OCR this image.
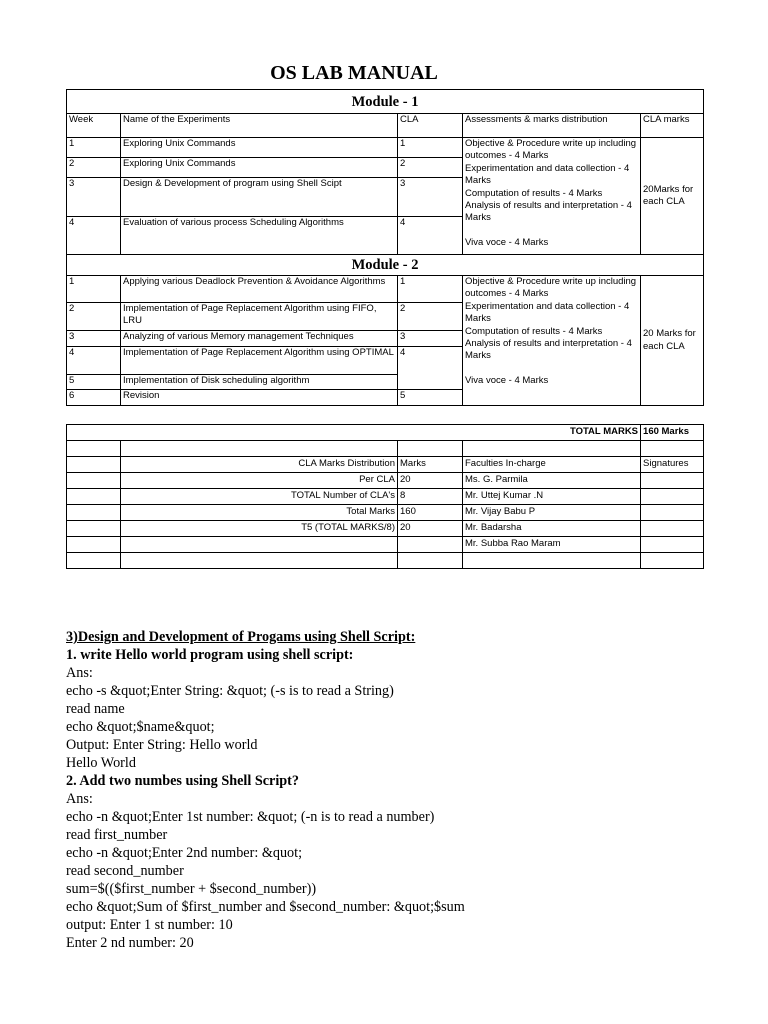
OS LAB MANUAL
Module - 1				
Week	Name of the Experiments	CLA	Assessments & marks distribution	CLA marks
1	Exploring Unix Commands	1	Objective & Procedure write up including outcomes - 4 Marks
Experimentation and data collection - 4 Marks
Computation of results - 4 Marks
Analysis of results and interpretation - 4 Marks

Viva voce - 4 Marks	20Marks for each CLA
2	Exploring Unix Commands	2		
3	Design & Development of program using Shell Scipt	3		
4	Evaluation of various process Scheduling Algorithms	4		
Module - 2				
1	Applying various Deadlock Prevention & Avoidance Algorithms	1	Objective & Procedure write up including outcomes - 4 Marks
Experimentation and data collection - 4 Marks
Computation of results - 4 Marks
Analysis of results and interpretation - 4 Marks

Viva voce - 4 Marks	20 Marks for each CLA
2	Implementation of Page Replacement Algorithm using FIFO, LRU	2		
3	Analyzing of various Memory management Techniques	3		
4	Implementation of Page Replacement Algorithm using OPTIMAL	4		
5	Implementation of Disk scheduling algorithm			
6	Revision	5		
TOTAL MARKS				160 Marks

	CLA Marks Distribution	Marks	Faculties In-charge	Signatures
	Per CLA	20	Ms. G. Parmila	
	TOTAL Number of CLA's	8	Mr. Uttej Kumar .N	
	Total Marks	160	Mr. Vijay Babu P	
	T5 (TOTAL MARKS/8)	20	Mr. Badarsha	
			Mr. Subba Rao Maram	

3)Design and Development of Progams using Shell Script:
1. write Hello world program using shell script:
Ans:
echo -s &quot;Enter String: &quot; (-s is to read a String)
read name
echo &quot;$name&quot;
Output: Enter String: Hello world
Hello World
2. Add two numbes using Shell Script?
Ans:
echo -n &quot;Enter 1st number: &quot; (-n is to read a number)
read first_number
echo -n &quot;Enter 2nd number: &quot;
read second_number
sum=$(($first_number + $second_number))
echo &quot;Sum of $first_number and $second_number: &quot;$sum
output: Enter 1 st number: 10
Enter 2 nd number: 20
